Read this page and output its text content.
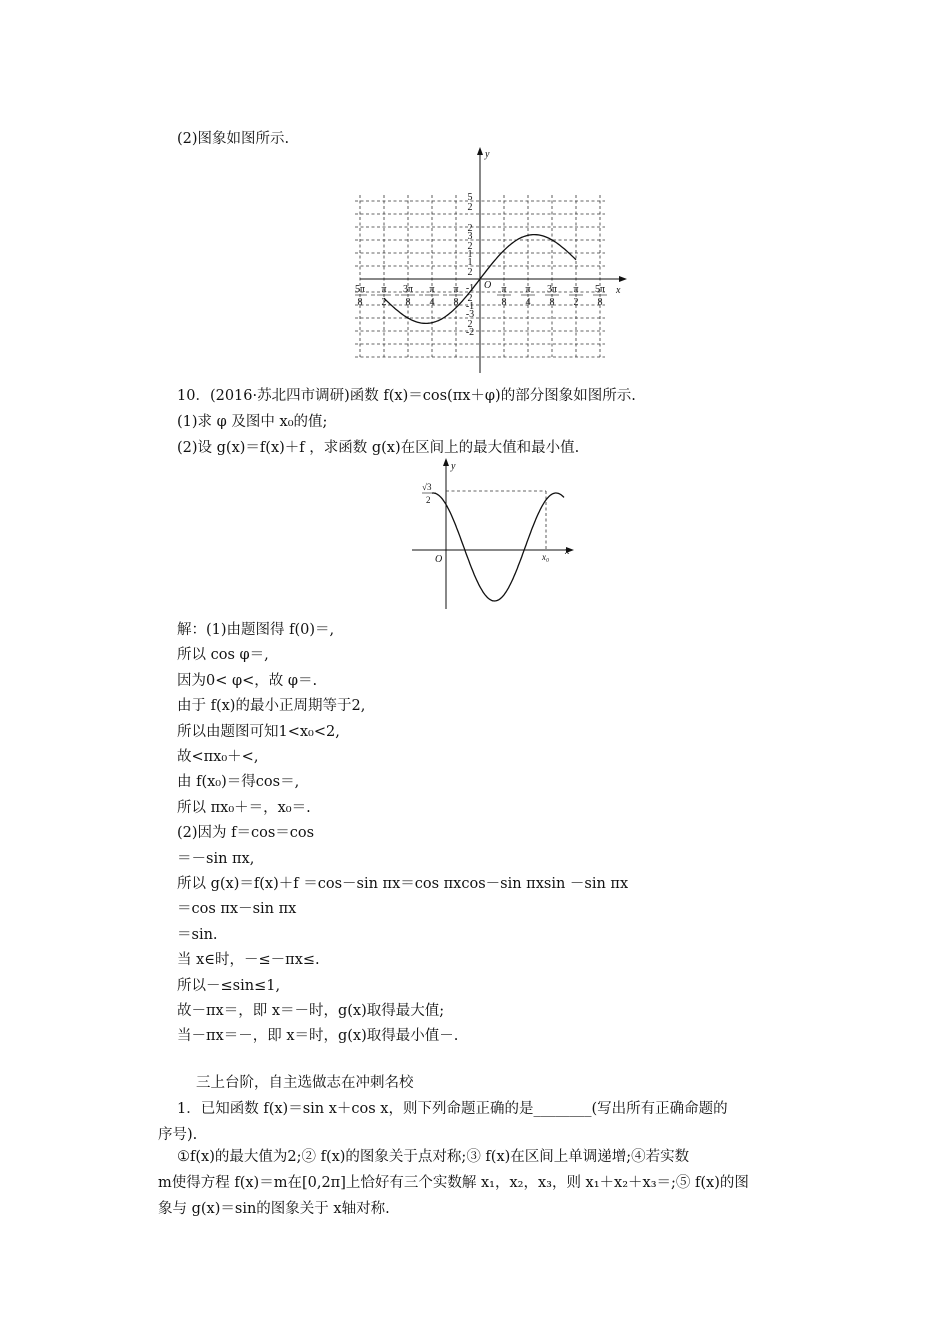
(2)图象如图所示.
y
x
O
5
2
2
3
2
1
1
2
-1
2
-1
-3
2
-2
5π
8
π
2
3π
8
π
4
π
8
π
8
π
4
3π
8
π
2
5π
8
10．(2016·苏北四市调研)函数 f(x)＝cos(πx＋φ)的部分图象如图所示.
(1)求 φ 及图中 x₀的值;
(2)设 g(x)＝f(x)＋f ，求函数 g(x)在区间上的最大值和最小值.
y
x
O	x₀
√3
2
解：(1)由题图得 f(0)＝,
所以 cos φ＝,
因为0< φ<，故 φ＝.
由于 f(x)的最小正周期等于2,
所以由题图可知1<x₀<2,
故<πx₀＋<,
由 f(x₀)＝得cos＝,
所以 πx₀＋＝，x₀＝.
(2)因为 f＝cos＝cos
＝－sin πx,
所以 g(x)＝f(x)＋f ＝cos－sin πx＝cos πxcos－sin πxsin －sin πx
＝cos πx－sin πx
＝sin.
当 x∈时，－≤－πx≤.
所以－≤sin≤1,
故－πx＝，即 x＝－时，g(x)取得最大值;
当－πx＝－，即 x＝时，g(x)取得最小值－.
三上台阶，自主选做志在冲刺名校
1．已知函数 f(x)＝sin x＋cos x，则下列命题正确的是________(写出所有正确命题的
序号).
①f(x)的最大值为2;② f(x)的图象关于点对称;③ f(x)在区间上单调递增;④若实数
m使得方程 f(x)＝m在[0,2π]上恰好有三个实数解 x₁，x₂，x₃，则 x₁＋x₂＋x₃＝;⑤ f(x)的图
象与 g(x)＝sin的图象关于 x轴对称.
